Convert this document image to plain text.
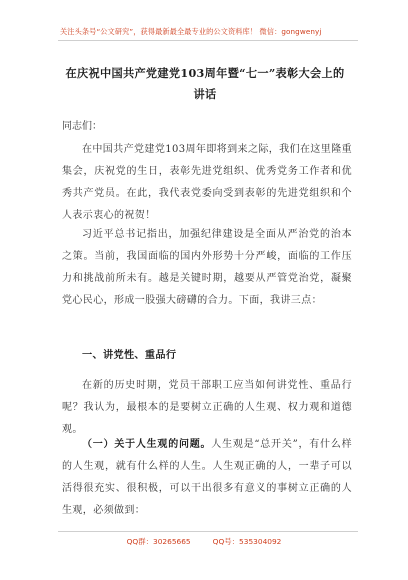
关注头条号“公文研究”，获得最新最全最专业的公文资料库！ 微信：gongwenyj
在庆祝中国共产党建党103周年暨“七一”表彰大会上的讲话
同志们：
在中国共产党建党103周年即将到来之际，我们在这里隆重集会，庆祝党的生日，表彰先进党组织、优秀党务工作者和优秀共产党员。在此，我代表党委向受到表彰的先进党组织和个人表示衷心的祝贺！
习近平总书记指出，加强纪律建设是全面从严治党的治本之策。当前，我国面临的国内外形势十分严峻，面临的工作压力和挑战前所未有。越是关键时期，越要从严管党治党，凝聚党心民心，形成一股强大磅礴的合力。下面，我讲三点：
一、讲党性、重品行
在新的历史时期，党员干部职工应当如何讲党性、重品行呢？我认为，最根本的是要树立正确的人生观、权力观和道德观。
（一）关于人生观的问题。人生观是“总开关”，有什么样的人生观，就有什么样的人生。人生观正确的人，一辈子可以活得很充实、很积极，可以干出很多有意义的事树立正确的人生观，必须做到：
QQ群：30265665	QQ号：535304092
